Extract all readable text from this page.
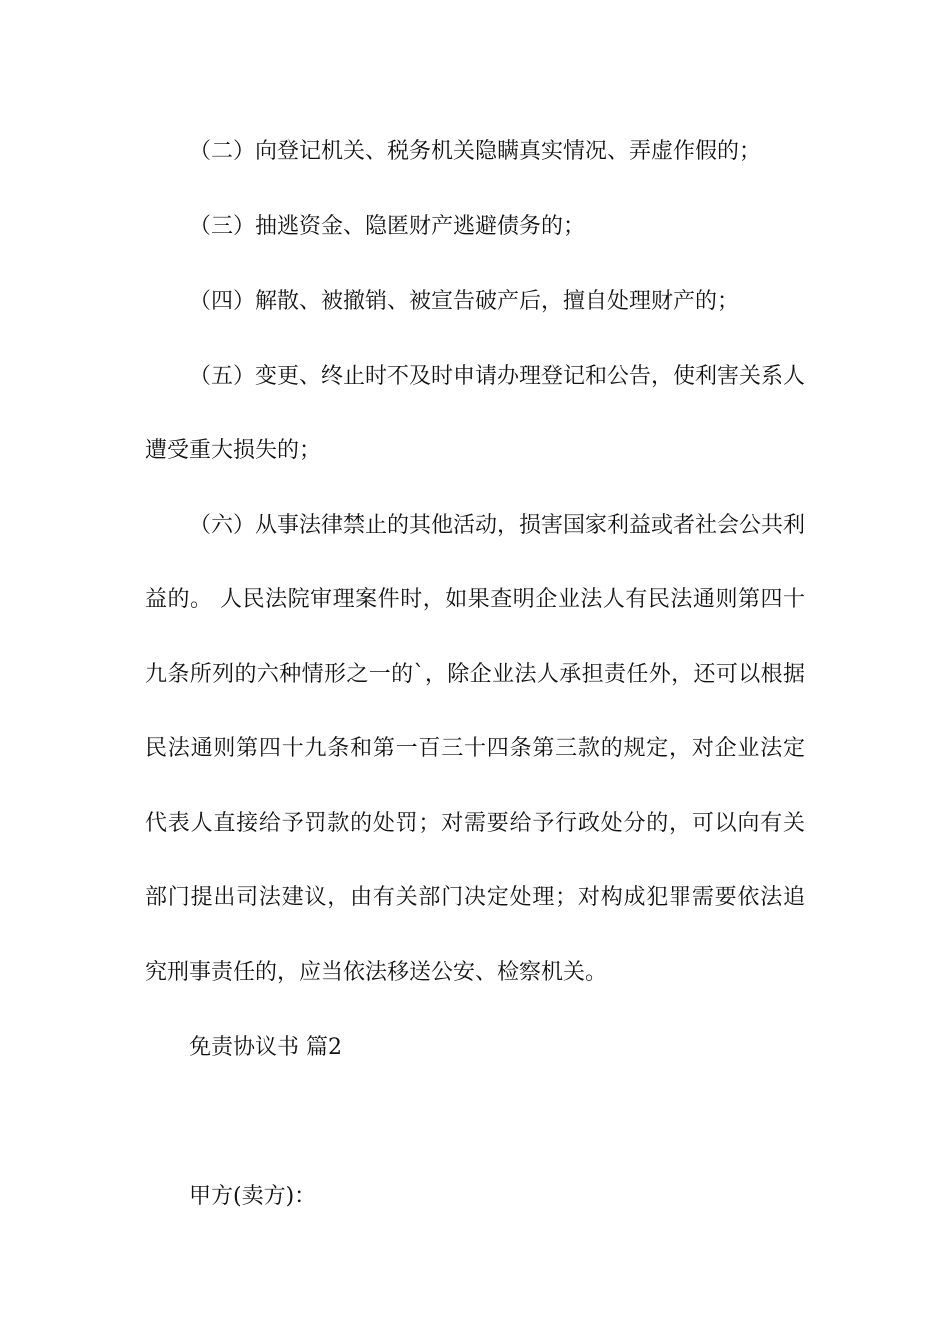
（二）向登记机关、税务机关隐瞒真实情况、弄虚作假的；

（三）抽逃资金、隐匿财产逃避债务的；

（四）解散、被撤销、被宣告破产后，擅自处理财产的；

（五）变更、终止时不及时申请办理登记和公告，使利害关系人

遭受重大损失的；

（六）从事法律禁止的其他活动，损害国家利益或者社会公共利

益的。 人民法院审理案件时，如果查明企业法人有民法通则第四十

九条所列的六种情形之一的`，除企业法人承担责任外，还可以根据

民法通则第四十九条和第一百三十四条第三款的规定，对企业法定

代表人直接给予罚款的处罚；对需要给予行政处分的，可以向有关

部门提出司法建议，由有关部门决定处理；对构成犯罪需要依法追

究刑事责任的，应当依法移送公安、检察机关。

免责协议书 篇2

甲方(卖方)：
